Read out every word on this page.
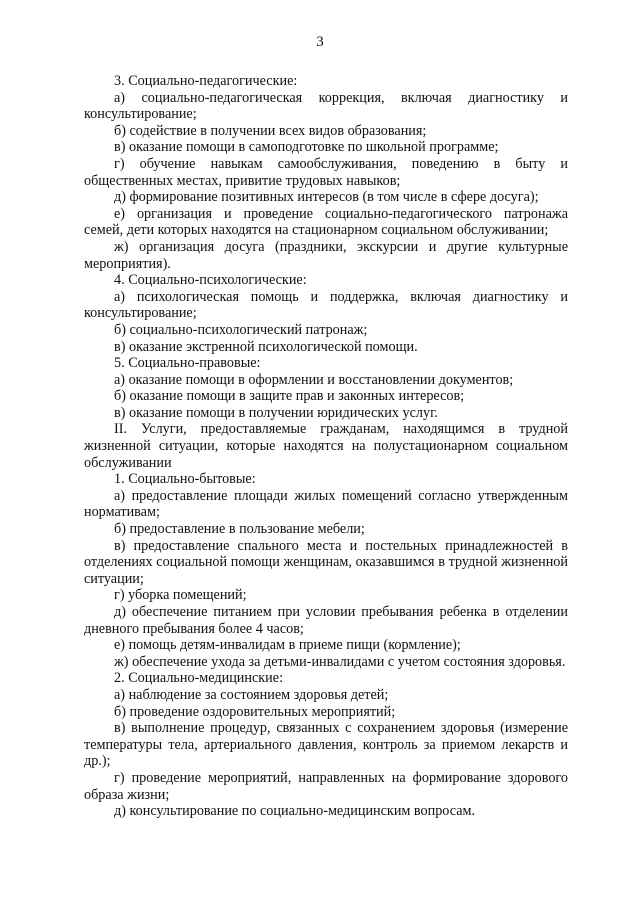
3

3. Социально-педагогические:

а) социально-педагогическая коррекция, включая диагностику и консультирование;

б) содействие в получении всех видов образования;

в) оказание помощи в самоподготовке по школьной программе;

г) обучение навыкам самообслуживания, поведению в быту и общественных местах, привитие трудовых навыков;

д) формирование позитивных интересов (в том числе в сфере досуга);

е) организация и проведение социально-педагогического патронажа семей, дети которых находятся на стационарном социальном обслуживании;

ж) организация досуга (праздники, экскурсии и другие культурные мероприятия).

4. Социально-психологические:

а) психологическая помощь и поддержка, включая диагностику и консультирование;

б) социально-психологический патронаж;

в) оказание экстренной психологической помощи.

5. Социально-правовые:

а) оказание помощи в оформлении и восстановлении документов;

б) оказание помощи в защите прав и законных интересов;

в) оказание помощи в получении юридических услуг.

II. Услуги, предоставляемые гражданам, находящимся в трудной жизненной ситуации, которые находятся на полустационарном социальном обслуживании

1. Социально-бытовые:

а) предоставление площади жилых помещений согласно утвержденным нормативам;

б) предоставление в пользование мебели;

в) предоставление спального места и постельных принадлежностей в отделениях социальной помощи женщинам, оказавшимся в трудной жизненной ситуации;

г) уборка помещений;

д) обеспечение питанием при условии пребывания ребенка в отделении дневного пребывания более 4 часов;

е) помощь детям-инвалидам в приеме пищи (кормление);

ж) обеспечение ухода за детьми-инвалидами с учетом состояния здоровья.

2. Социально-медицинские:

а) наблюдение за состоянием здоровья детей;

б) проведение оздоровительных мероприятий;

в) выполнение процедур, связанных с сохранением здоровья (измерение температуры тела, артериального давления, контроль за приемом лекарств и др.);

г) проведение мероприятий, направленных на формирование здорового образа жизни;

д) консультирование по социально-медицинским вопросам.
